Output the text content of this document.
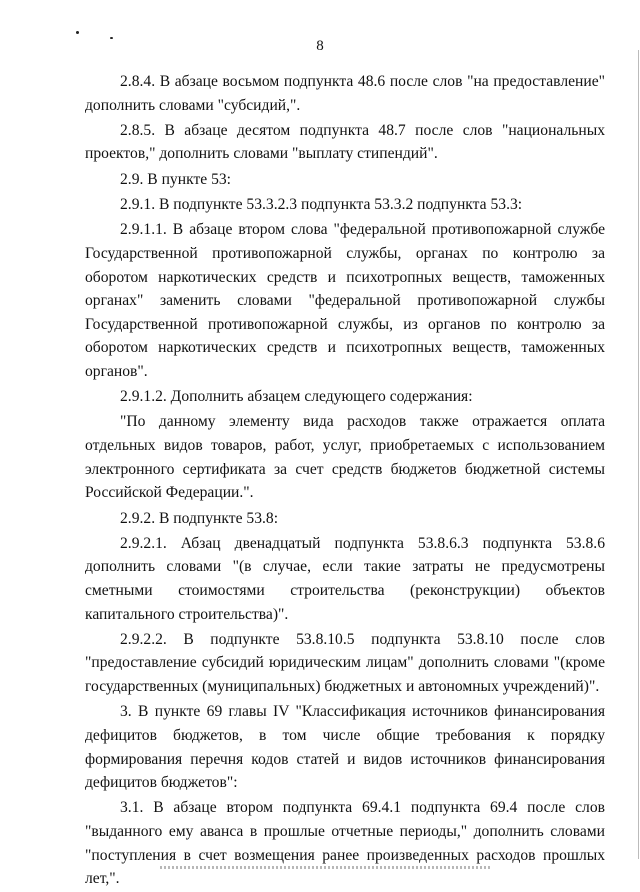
8

2.8.4. В абзаце восьмом подпункта 48.6 после слов "на предоставление" дополнить словами "субсидий,".

2.8.5. В абзаце десятом подпункта 48.7 после слов "национальных проектов," дополнить словами "выплату стипендий".

2.9. В пункте 53:

2.9.1. В подпункте 53.3.2.3 подпункта 53.3.2 подпункта 53.3:

2.9.1.1. В абзаце втором слова "федеральной противопожарной службе Государственной противопожарной службы, органах по контролю за оборотом наркотических средств и психотропных веществ, таможенных органах" заменить словами "федеральной противопожарной службы Государственной противопожарной службы, из органов по контролю за оборотом наркотических средств и психотропных веществ, таможенных органов".

2.9.1.2. Дополнить абзацем следующего содержания:

"По данному элементу вида расходов также отражается оплата отдельных видов товаров, работ, услуг, приобретаемых с использованием электронного сертификата за счет средств бюджетов бюджетной системы Российской Федерации.".

2.9.2. В подпункте 53.8:

2.9.2.1. Абзац двенадцатый подпункта 53.8.6.3 подпункта 53.8.6 дополнить словами "(в случае, если такие затраты не предусмотрены сметными стоимостями строительства (реконструкции) объектов капитального строительства)".

2.9.2.2. В подпункте 53.8.10.5 подпункта 53.8.10 после слов "предоставление субсидий юридическим лицам" дополнить словами "(кроме государственных (муниципальных) бюджетных и автономных учреждений)".

3. В пункте 69 главы IV "Классификация источников финансирования дефицитов бюджетов, в том числе общие требования к порядку формирования перечня кодов статей и видов источников финансирования дефицитов бюджетов":

3.1. В абзаце втором подпункта 69.4.1 подпункта 69.4 после слов "выданного ему аванса в прошлые отчетные периоды," дополнить словами "поступления в счет возмещения ранее произведенных расходов прошлых лет,".
